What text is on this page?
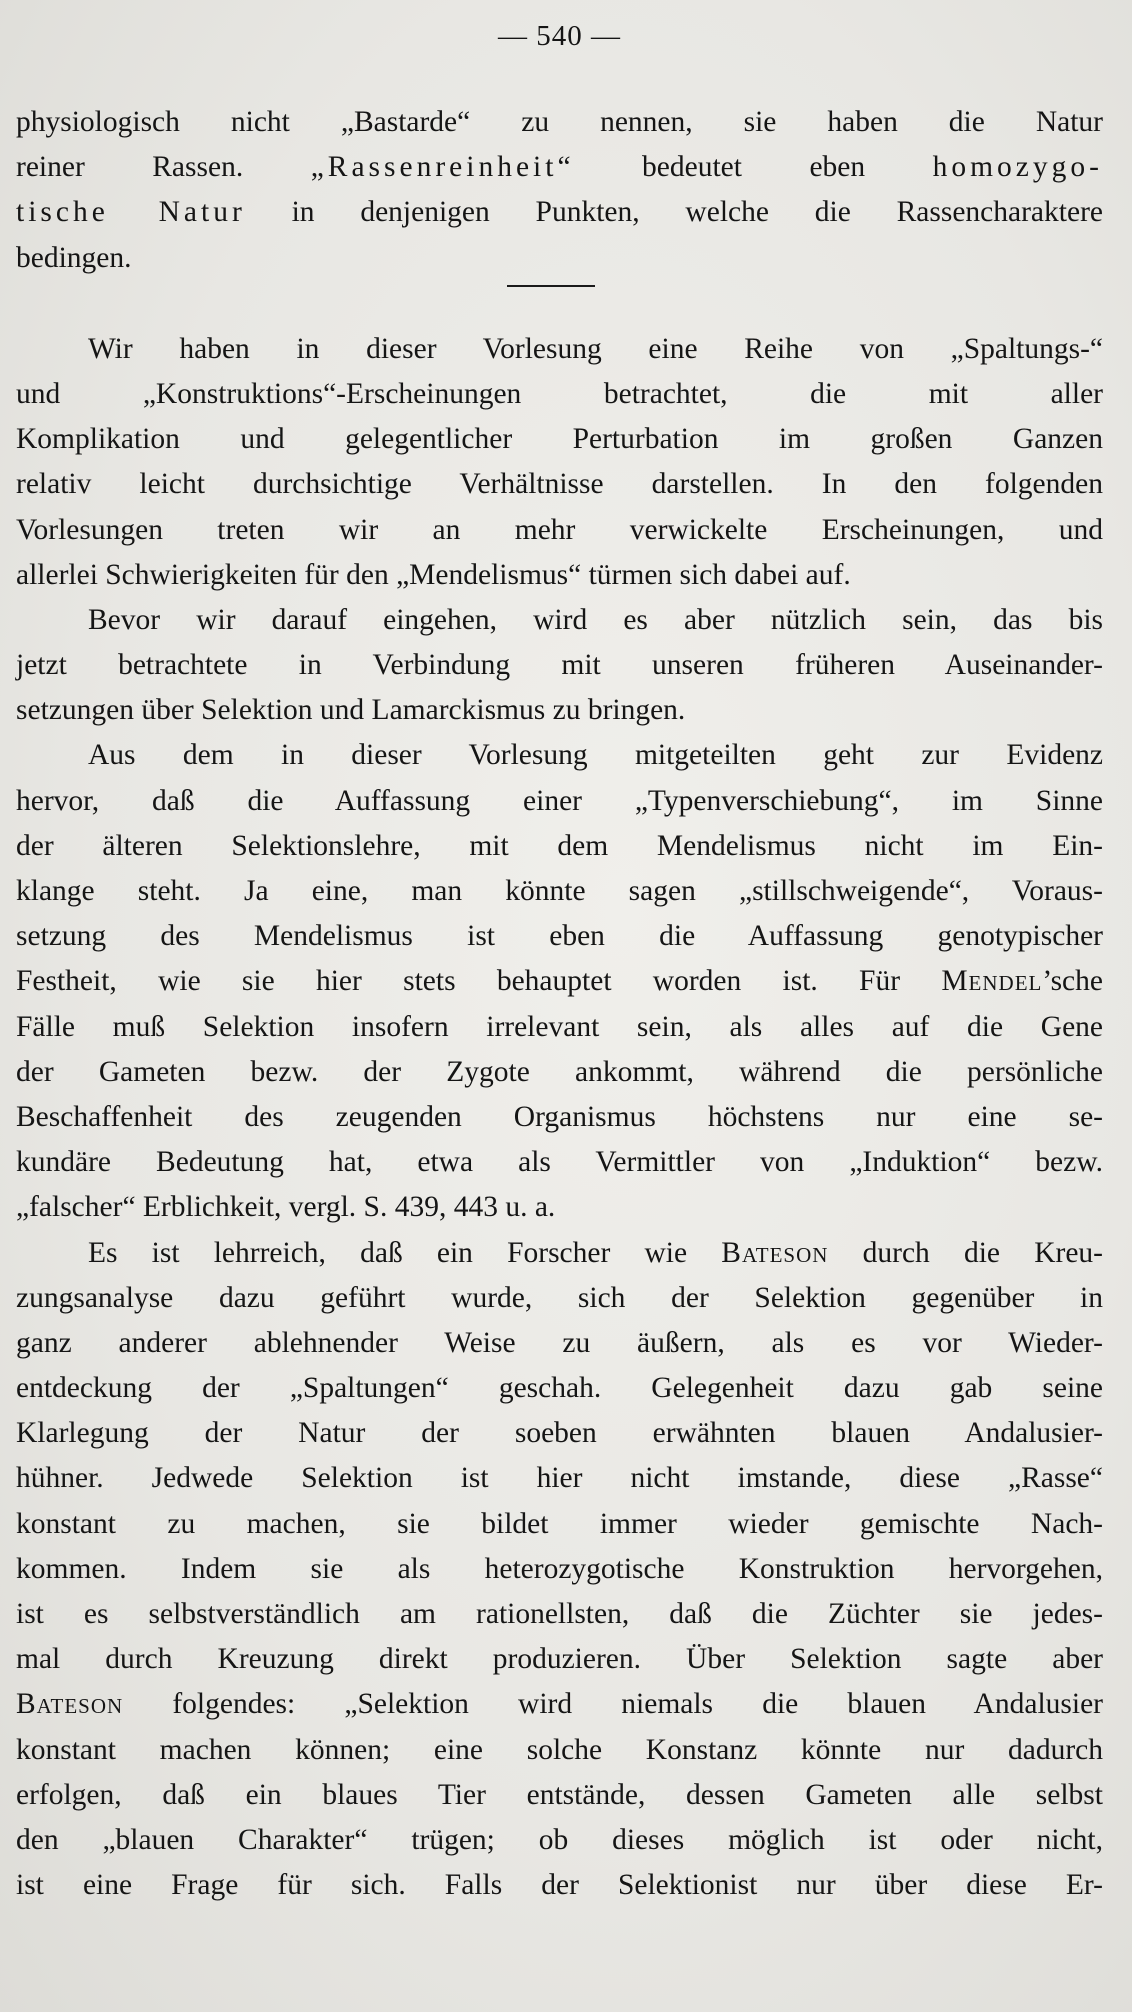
— 540 —
physiologisch nicht „Bastarde“ zu nennen, sie haben die Natur
reiner Rassen. „Rassenreinheit“ bedeutet eben homozygo-
tische Natur in denjenigen Punkten, welche die Rassencharaktere
bedingen.
Wir haben in dieser Vorlesung eine Reihe von „Spaltungs-“
und „Konstruktions“-Erscheinungen betrachtet, die mit aller
Komplikation und gelegentlicher Perturbation im großen Ganzen
relativ leicht durchsichtige Verhältnisse darstellen. In den folgenden
Vorlesungen treten wir an mehr verwickelte Erscheinungen, und
allerlei Schwierigkeiten für den „Mendelismus“ türmen sich dabei auf.
Bevor wir darauf eingehen, wird es aber nützlich sein, das bis
jetzt betrachtete in Verbindung mit unseren früheren Auseinander-
setzungen über Selektion und Lamarckismus zu bringen.
Aus dem in dieser Vorlesung mitgeteilten geht zur Evidenz
hervor, daß die Auffassung einer „Typenverschiebung“, im Sinne
der älteren Selektionslehre, mit dem Mendelismus nicht im Ein-
klange steht. Ja eine, man könnte sagen „stillschweigende“, Voraus-
setzung des Mendelismus ist eben die Auffassung genotypischer
Festheit, wie sie hier stets behauptet worden ist. Für Mendel’sche
Fälle muß Selektion insofern irrelevant sein, als alles auf die Gene
der Gameten bezw. der Zygote ankommt, während die persönliche
Beschaffenheit des zeugenden Organismus höchstens nur eine se-
kundäre Bedeutung hat, etwa als Vermittler von „Induktion“ bezw.
„falscher“ Erblichkeit, vergl. S. 439, 443 u. a.
Es ist lehrreich, daß ein Forscher wie Bateson durch die Kreu-
zungsanalyse dazu geführt wurde, sich der Selektion gegenüber in
ganz anderer ablehnender Weise zu äußern, als es vor Wieder-
entdeckung der „Spaltungen“ geschah. Gelegenheit dazu gab seine
Klarlegung der Natur der soeben erwähnten blauen Andalusier-
hühner. Jedwede Selektion ist hier nicht imstande, diese „Rasse“
konstant zu machen, sie bildet immer wieder gemischte Nach-
kommen. Indem sie als heterozygotische Konstruktion hervorgehen,
ist es selbstverständlich am rationellsten, daß die Züchter sie jedes-
mal durch Kreuzung direkt produzieren. Über Selektion sagte aber
Bateson folgendes: „Selektion wird niemals die blauen Andalusier
konstant machen können; eine solche Konstanz könnte nur dadurch
erfolgen, daß ein blaues Tier entstände, dessen Gameten alle selbst
den „blauen Charakter“ trügen; ob dieses möglich ist oder nicht,
ist eine Frage für sich. Falls der Selektionist nur über diese Er-
